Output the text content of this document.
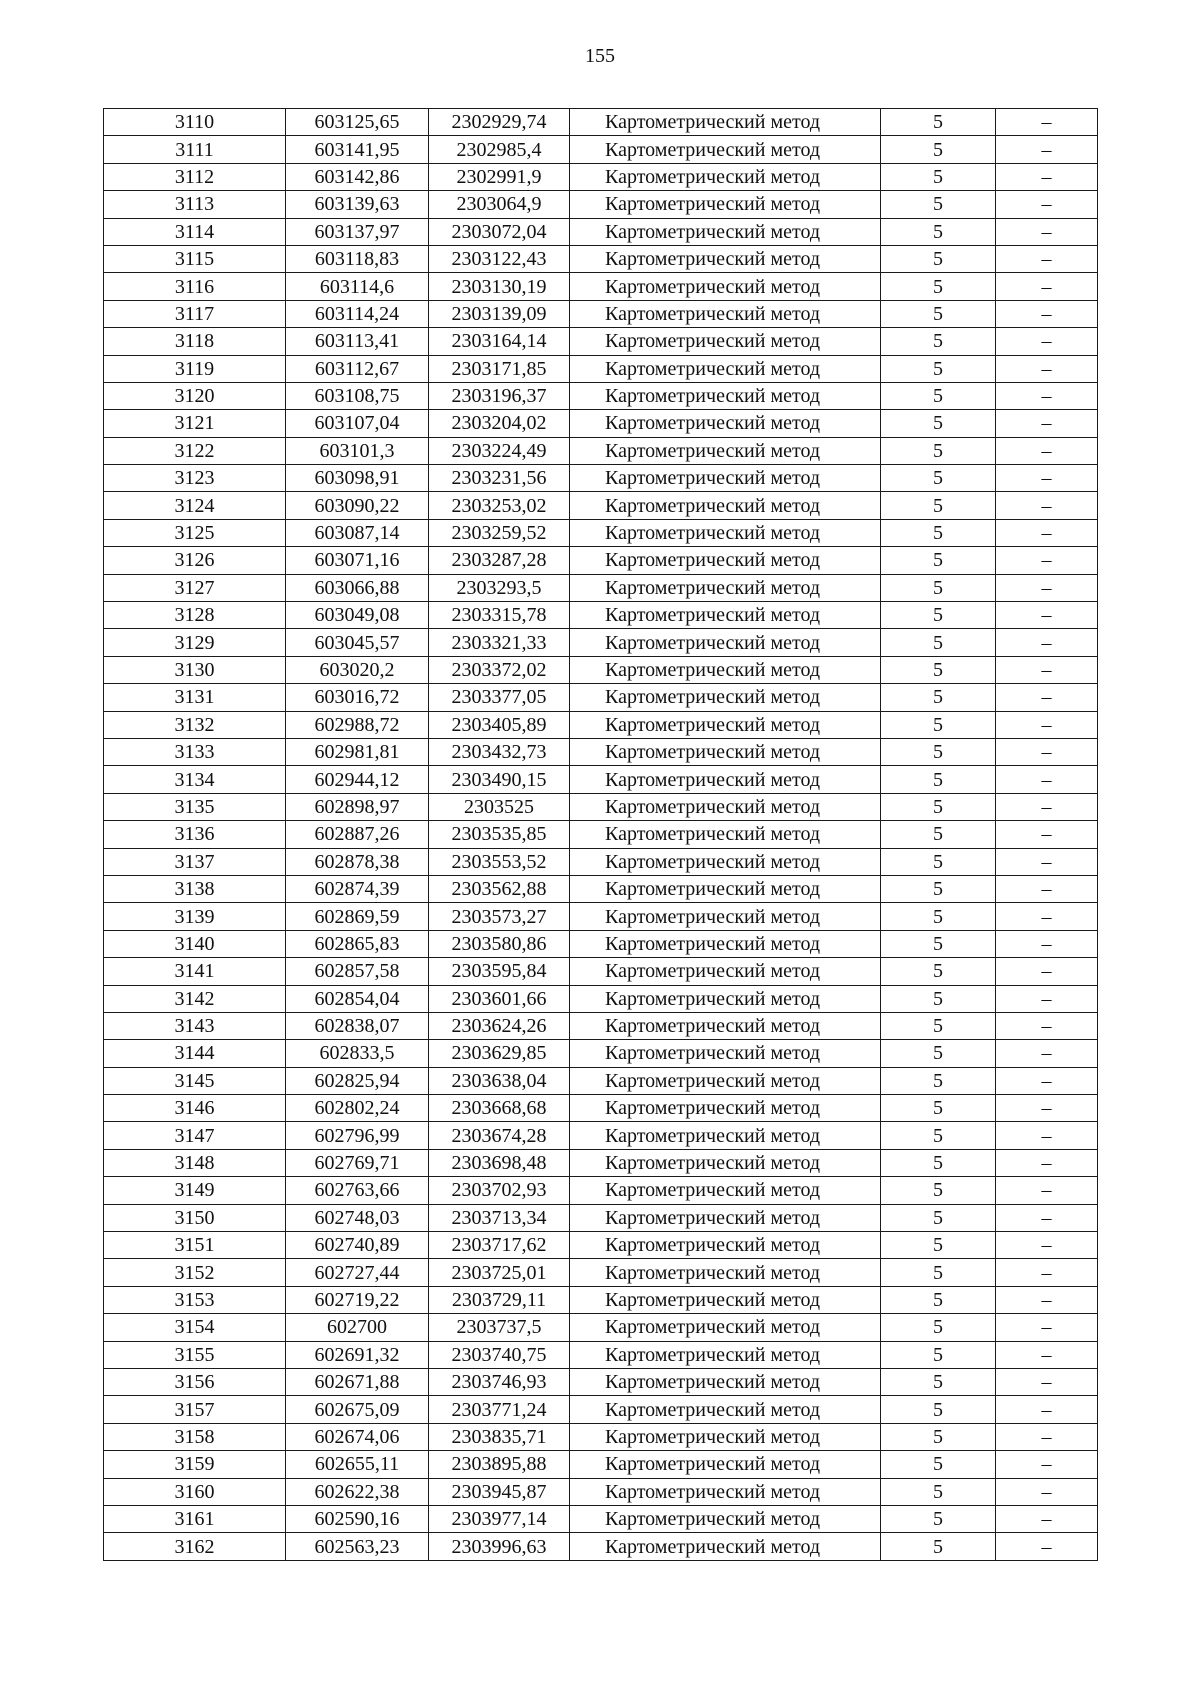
155
3110	603125,65	2302929,74	Картометрический метод	5	–
3111	603141,95	2302985,4	Картометрический метод	5	–
3112	603142,86	2302991,9	Картометрический метод	5	–
3113	603139,63	2303064,9	Картометрический метод	5	–
3114	603137,97	2303072,04	Картометрический метод	5	–
3115	603118,83	2303122,43	Картометрический метод	5	–
3116	603114,6	2303130,19	Картометрический метод	5	–
3117	603114,24	2303139,09	Картометрический метод	5	–
3118	603113,41	2303164,14	Картометрический метод	5	–
3119	603112,67	2303171,85	Картометрический метод	5	–
3120	603108,75	2303196,37	Картометрический метод	5	–
3121	603107,04	2303204,02	Картометрический метод	5	–
3122	603101,3	2303224,49	Картометрический метод	5	–
3123	603098,91	2303231,56	Картометрический метод	5	–
3124	603090,22	2303253,02	Картометрический метод	5	–
3125	603087,14	2303259,52	Картометрический метод	5	–
3126	603071,16	2303287,28	Картометрический метод	5	–
3127	603066,88	2303293,5	Картометрический метод	5	–
3128	603049,08	2303315,78	Картометрический метод	5	–
3129	603045,57	2303321,33	Картометрический метод	5	–
3130	603020,2	2303372,02	Картометрический метод	5	–
3131	603016,72	2303377,05	Картометрический метод	5	–
3132	602988,72	2303405,89	Картометрический метод	5	–
3133	602981,81	2303432,73	Картометрический метод	5	–
3134	602944,12	2303490,15	Картометрический метод	5	–
3135	602898,97	2303525	Картометрический метод	5	–
3136	602887,26	2303535,85	Картометрический метод	5	–
3137	602878,38	2303553,52	Картометрический метод	5	–
3138	602874,39	2303562,88	Картометрический метод	5	–
3139	602869,59	2303573,27	Картометрический метод	5	–
3140	602865,83	2303580,86	Картометрический метод	5	–
3141	602857,58	2303595,84	Картометрический метод	5	–
3142	602854,04	2303601,66	Картометрический метод	5	–
3143	602838,07	2303624,26	Картометрический метод	5	–
3144	602833,5	2303629,85	Картометрический метод	5	–
3145	602825,94	2303638,04	Картометрический метод	5	–
3146	602802,24	2303668,68	Картометрический метод	5	–
3147	602796,99	2303674,28	Картометрический метод	5	–
3148	602769,71	2303698,48	Картометрический метод	5	–
3149	602763,66	2303702,93	Картометрический метод	5	–
3150	602748,03	2303713,34	Картометрический метод	5	–
3151	602740,89	2303717,62	Картометрический метод	5	–
3152	602727,44	2303725,01	Картометрический метод	5	–
3153	602719,22	2303729,11	Картометрический метод	5	–
3154	602700	2303737,5	Картометрический метод	5	–
3155	602691,32	2303740,75	Картометрический метод	5	–
3156	602671,88	2303746,93	Картометрический метод	5	–
3157	602675,09	2303771,24	Картометрический метод	5	–
3158	602674,06	2303835,71	Картометрический метод	5	–
3159	602655,11	2303895,88	Картометрический метод	5	–
3160	602622,38	2303945,87	Картометрический метод	5	–
3161	602590,16	2303977,14	Картометрический метод	5	–
3162	602563,23	2303996,63	Картометрический метод	5	–
